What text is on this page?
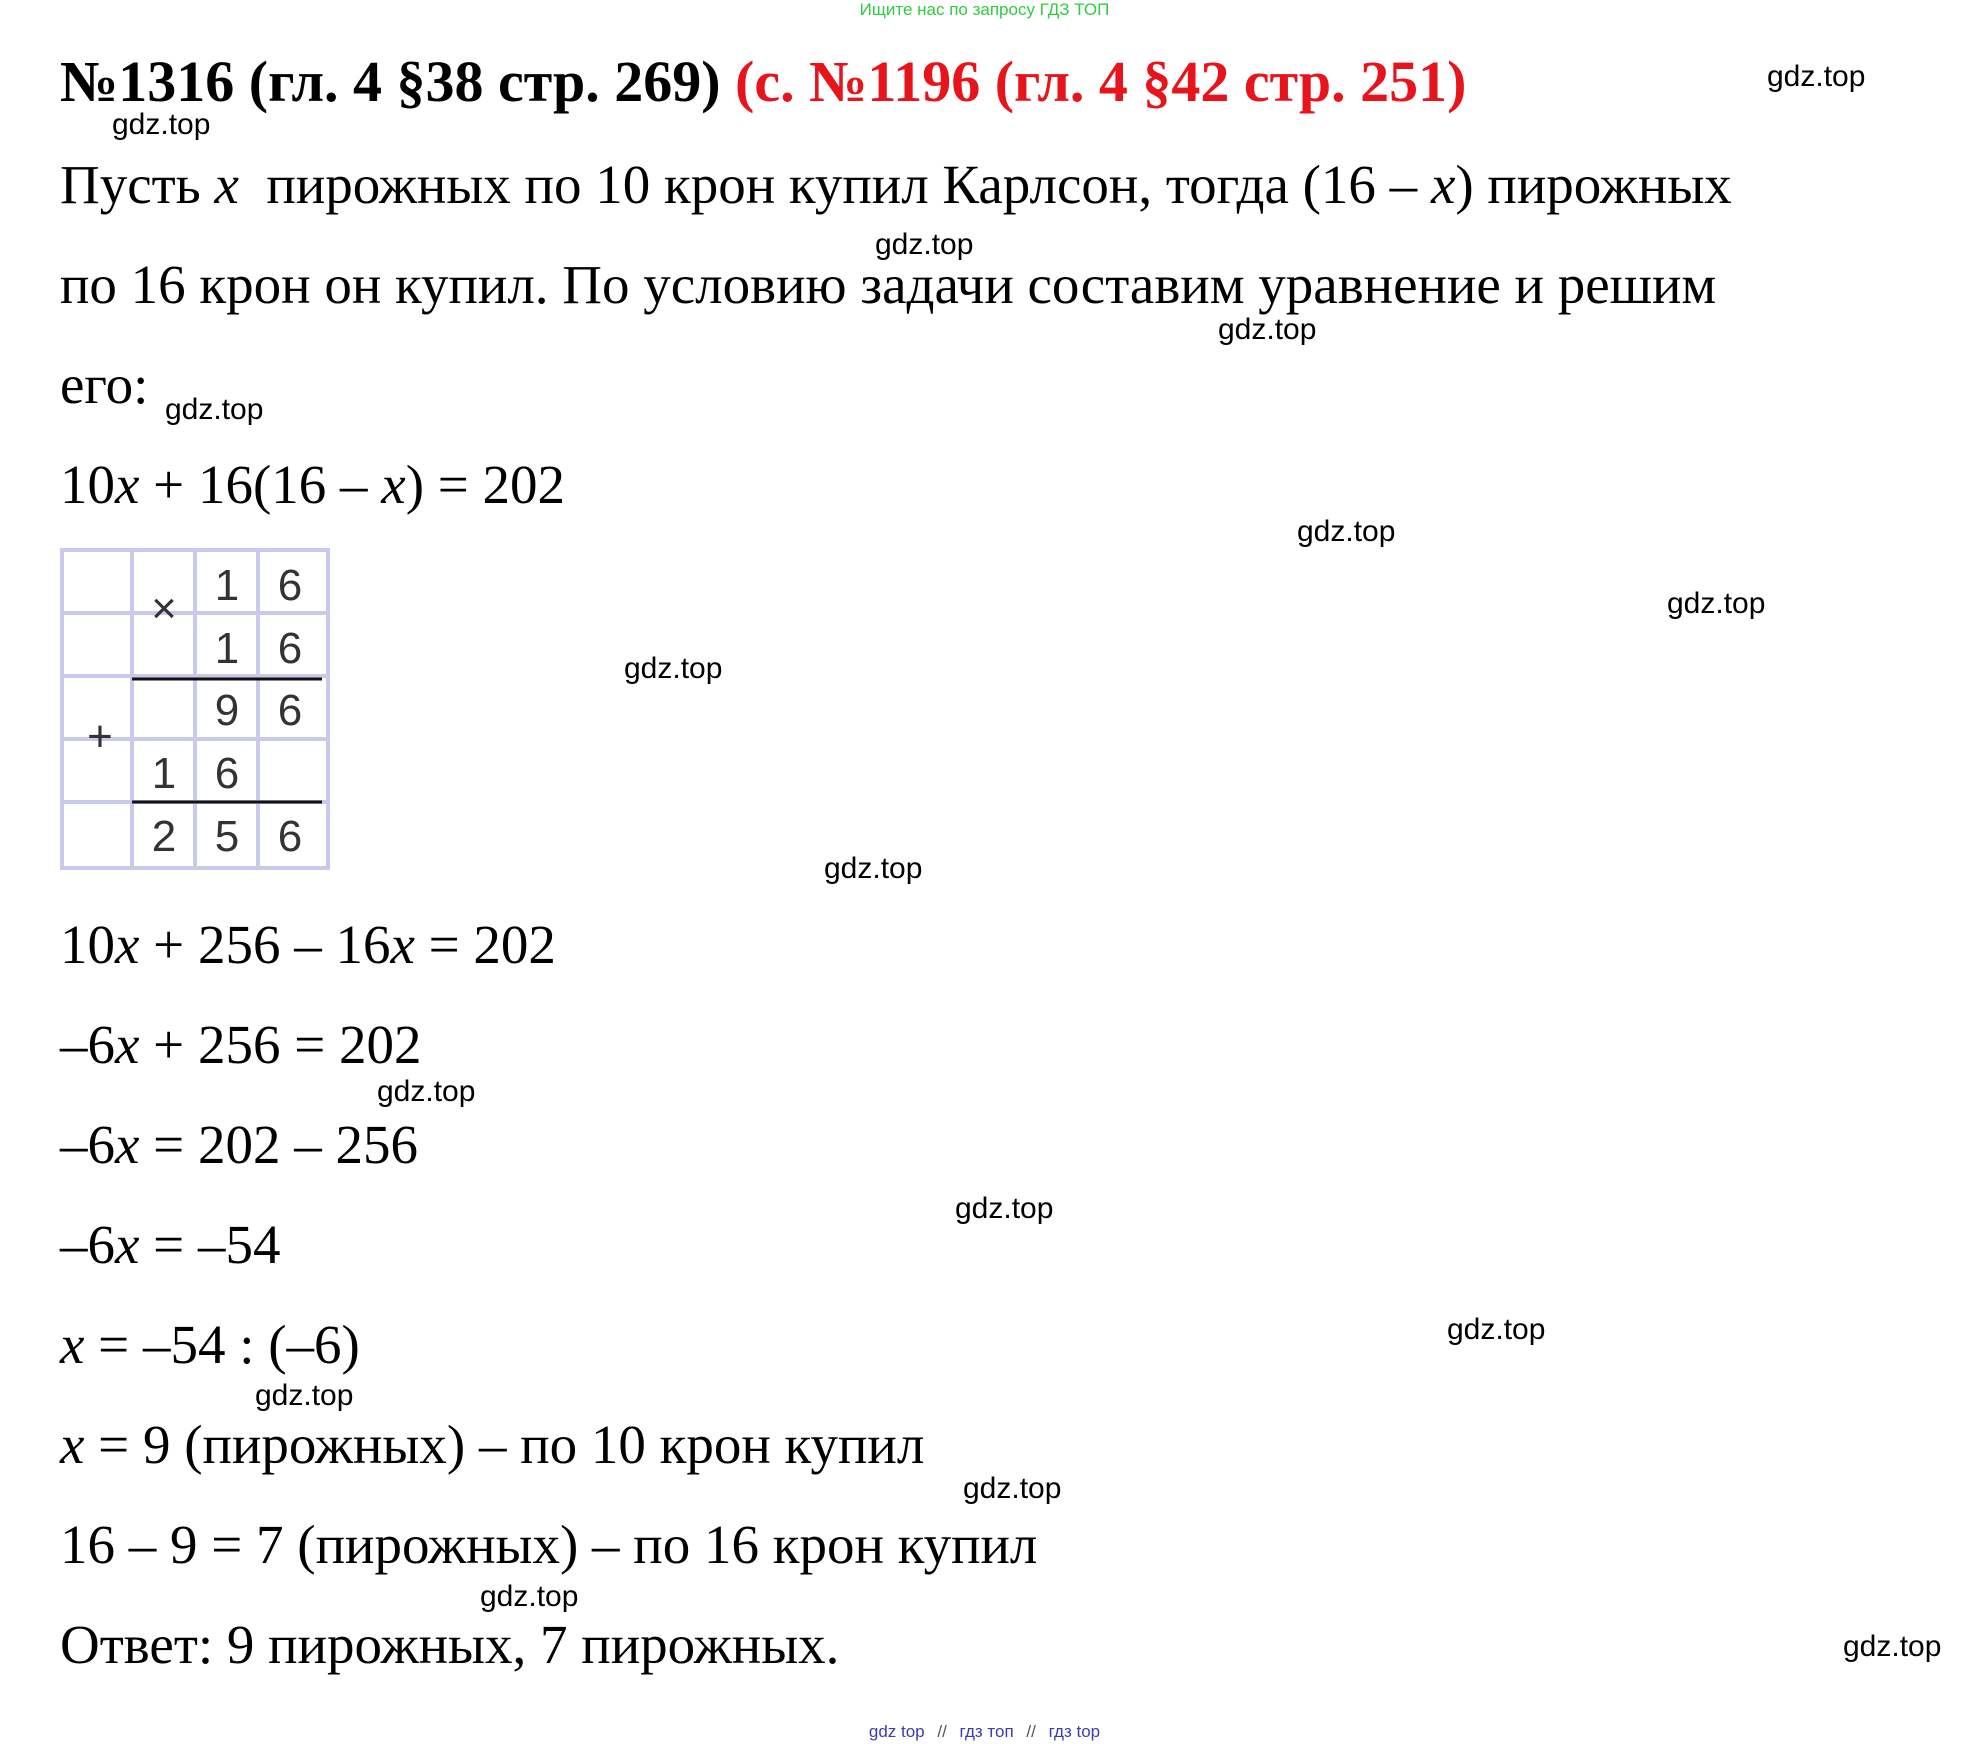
Ищите нас по запросу ГДЗ ТОП
№1316 (гл. 4 §38 стр. 269) (с. №1196 (гл. 4 §42 стр. 251)
Пусть x  пирожных по 10 крон купил Карлсон, тогда (16 – x) пирожных
по 16 крон он купил. По условию задачи составим уравнение и решим
его:
10x + 16(16 – x) = 202
×
+
1 6
1 6
9 6
1 6
2 5 6
10x + 256 – 16x = 202
–6x + 256 = 202
–6x = 202 – 256
–6x = –54
x = –54 : (–6)
x = 9 (пирожных) – по 10 крон купил
16 – 9 = 7 (пирожных) – по 16 крон купил
Ответ: 9 пирожных, 7 пирожных.
gdz.top
gdz.top
gdz.top
gdz.top
gdz.top
gdz.top
gdz.top
gdz.top
gdz.top
gdz.top
gdz.top
gdz.top
gdz.top
gdz.top
gdz.top
gdz.top
gdz top // гдз топ // гдз top
